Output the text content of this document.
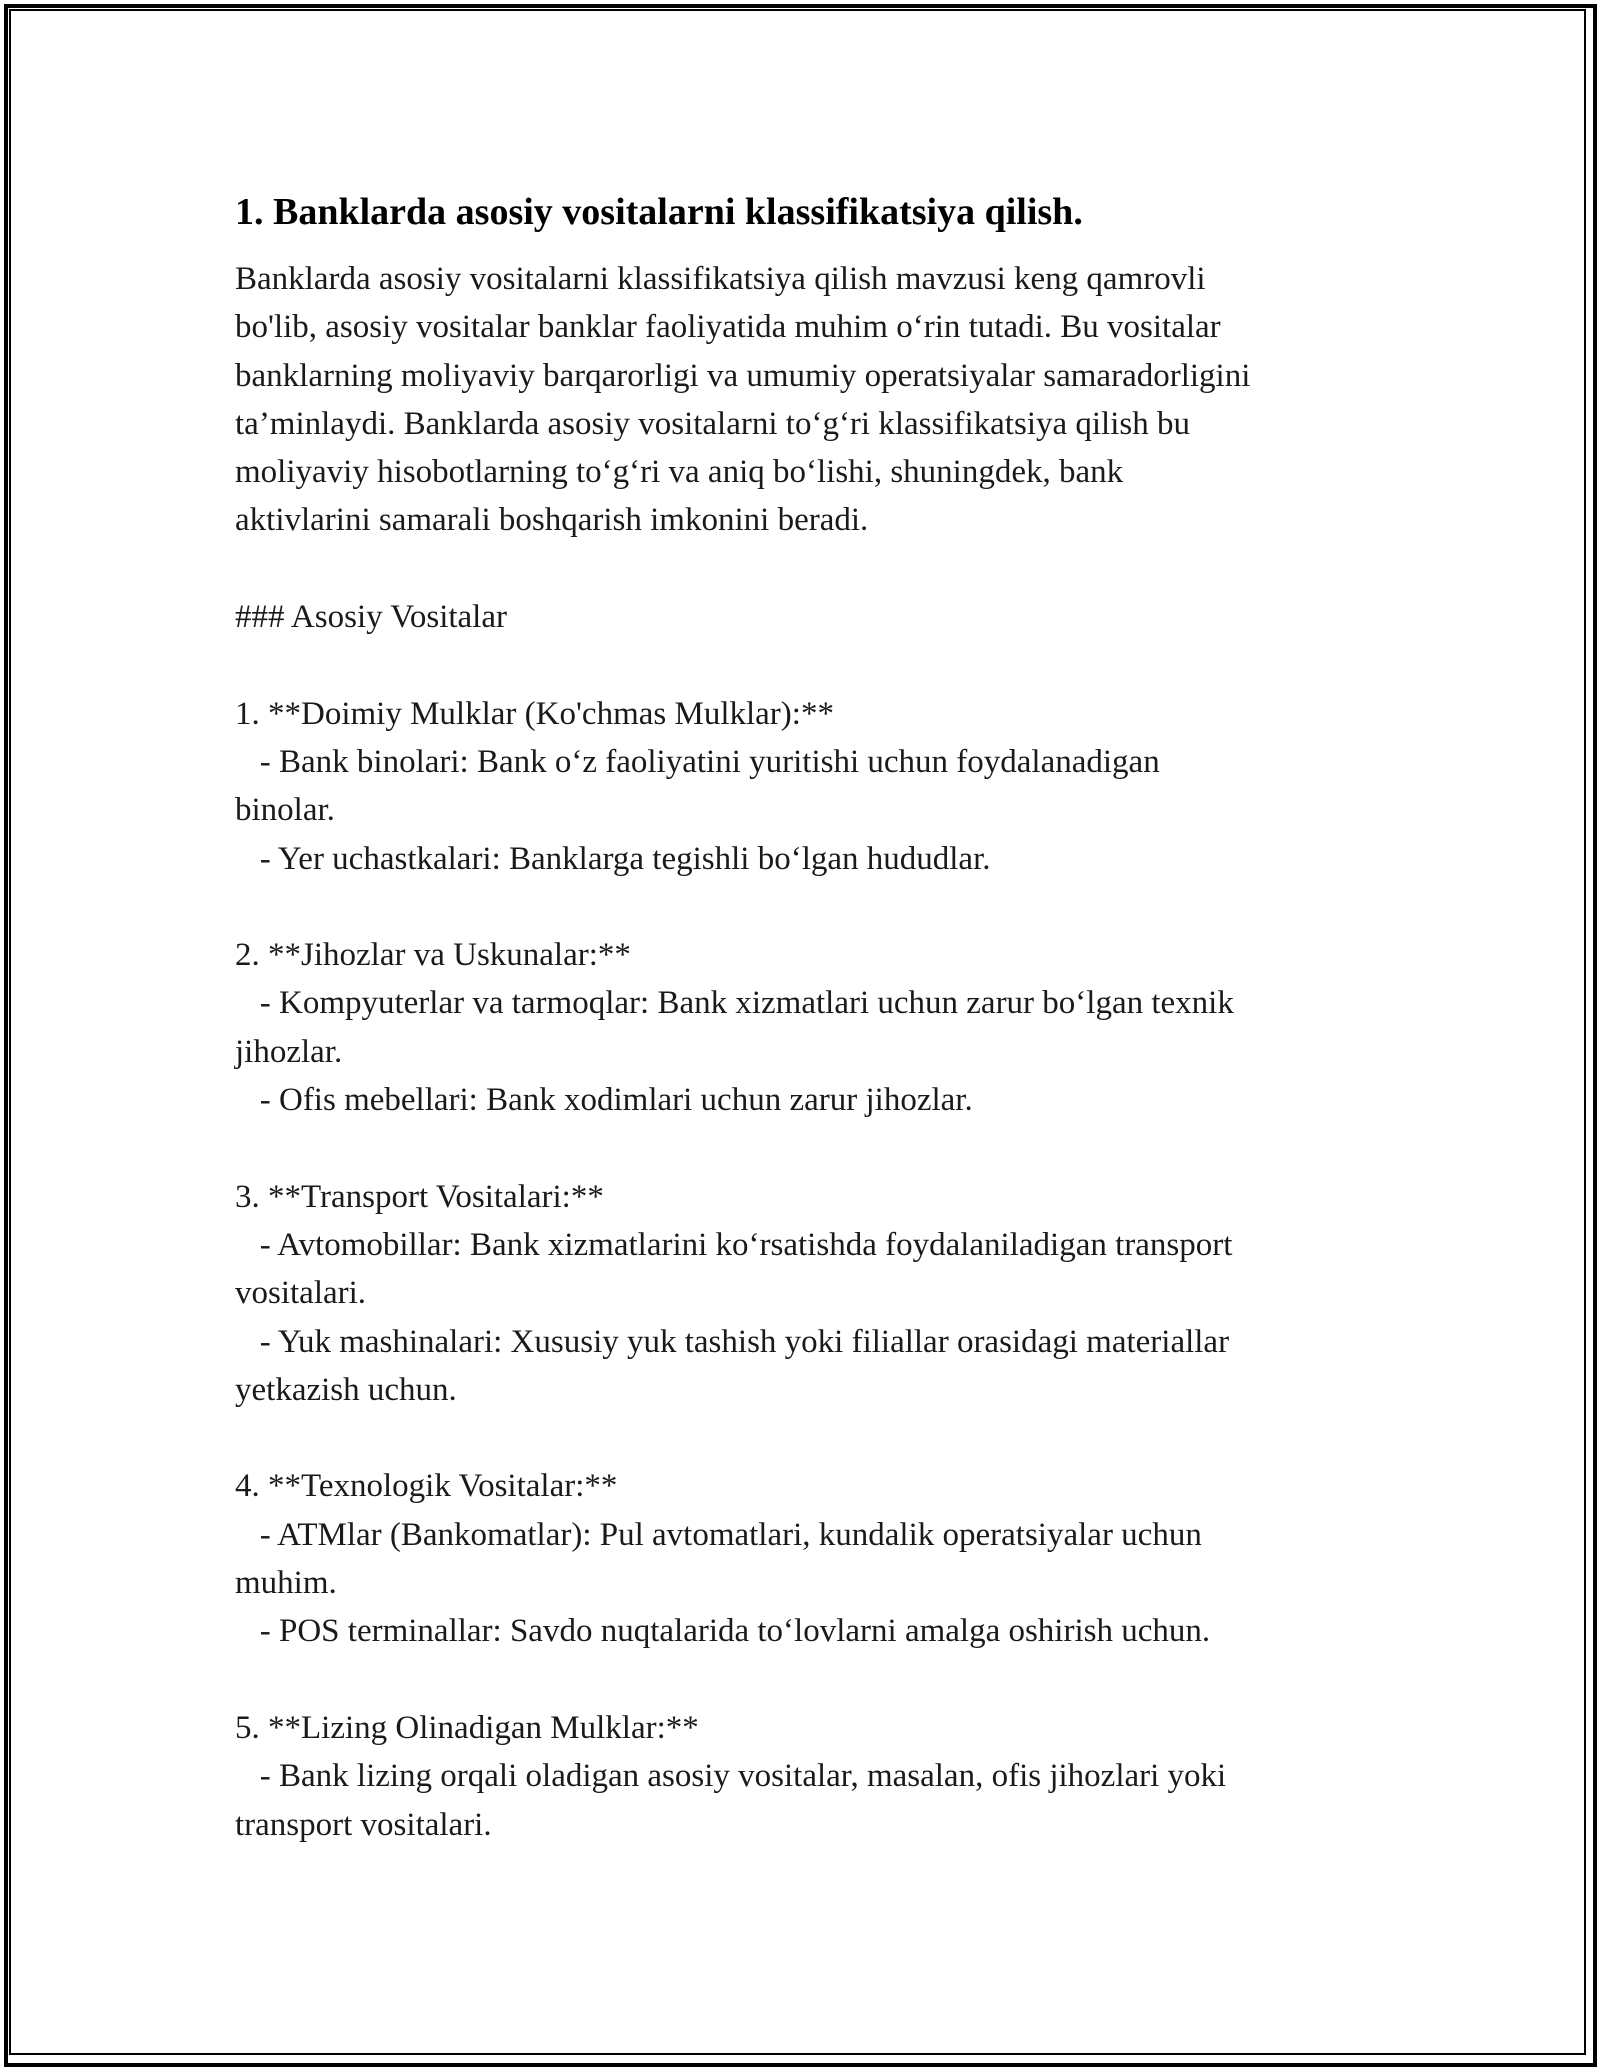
1. Banklarda asosiy vositalarni klassifikatsiya qilish.
Banklarda asosiy vositalarni klassifikatsiya qilish mavzusi keng qamrovli
bo'lib, asosiy vositalar banklar faoliyatida muhim o‘rin tutadi. Bu vositalar
banklarning moliyaviy barqarorligi va umumiy operatsiyalar samaradorligini
ta’minlaydi. Banklarda asosiy vositalarni to‘g‘ri klassifikatsiya qilish bu
moliyaviy hisobotlarning to‘g‘ri va aniq bo‘lishi, shuningdek, bank
aktivlarini samarali boshqarish imkonini beradi.
### Asosiy Vositalar
1. **Doimiy Mulklar (Ko'chmas Mulklar):**
- Bank binolari: Bank o‘z faoliyatini yuritishi uchun foydalanadigan
binolar.
- Yer uchastkalari: Banklarga tegishli bo‘lgan hududlar.
2. **Jihozlar va Uskunalar:**
- Kompyuterlar va tarmoqlar: Bank xizmatlari uchun zarur bo‘lgan texnik
jihozlar.
- Ofis mebellari: Bank xodimlari uchun zarur jihozlar.
3. **Transport Vositalari:**
- Avtomobillar: Bank xizmatlarini ko‘rsatishda foydalaniladigan transport
vositalari.
- Yuk mashinalari: Xususiy yuk tashish yoki filiallar orasidagi materiallar
yetkazish uchun.
4. **Texnologik Vositalar:**
- ATMlar (Bankomatlar): Pul avtomatlari, kundalik operatsiyalar uchun
muhim.
- POS terminallar: Savdo nuqtalarida to‘lovlarni amalga oshirish uchun.
5. **Lizing Olinadigan Mulklar:**
- Bank lizing orqali oladigan asosiy vositalar, masalan, ofis jihozlari yoki
transport vositalari.
